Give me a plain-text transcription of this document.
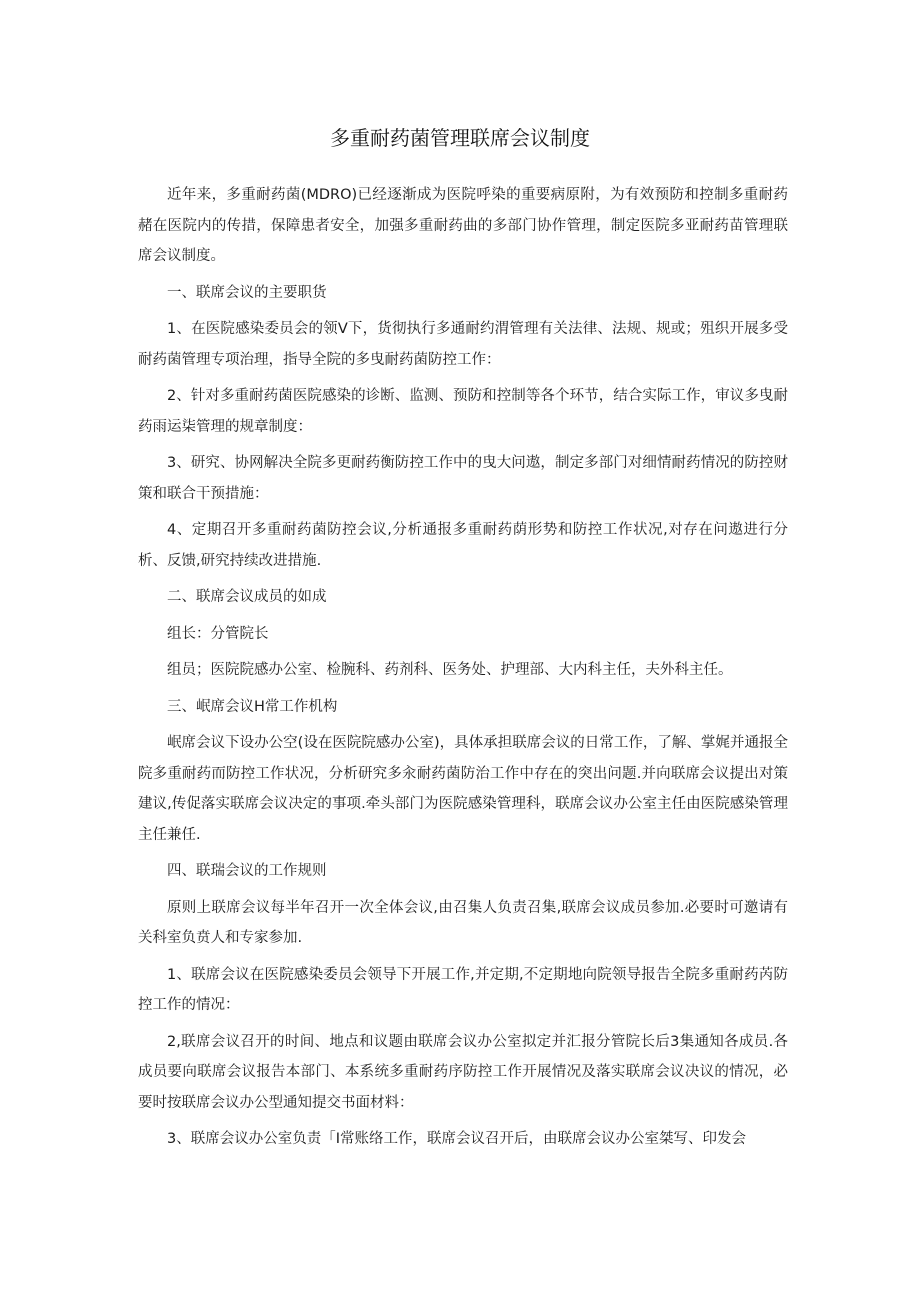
多重耐药菌管理联席会议制度

近年来，多重耐药菌(MDRO)已经逐渐成为医院呼染的重要病原附，为有效预防和控制多重耐药赭在医院内的传措，保障患者安全，加强多重耐药曲的多部门协作管理，制定医院多亚耐药苗管理联席会议制度。

一、联席会议的主要职货

1、在医院感染委员会的领V下，货彻执行多通耐约渭管理有关法律、法规、规或；殂织开展多受耐药菌管理专项治理，指导全院的多曳耐药菌防控工作：

2、针对多重耐药菌医院感染的诊断、监测、预防和控制等各个环节，结合实际工作，审议多曳耐药雨运柒管理的规章制度：

3、研究、协网解决全院多更耐药衡防控工作中的曳大问遨，制定多部门对细情耐药情况的防控财策和联合干预措施：

4、定期召开多重耐药菌防控会议,分析通报多重耐药荫形势和防控工作状况,对存在问遨进行分析、反馈,研究持续改进措施.

二、联席会议成员的如成

组长：分管院长

组员；医院院感办公室、检腕科、药剂科、医务处、护理部、大内科主任，夫外科主任。

三、岷席会议H常工作机构

岷席会议下设办公空(设在医院院感办公室)，具体承担联席会议的日常工作，了解、掌娓并通报全院多重耐药而防控工作状况，分析研究多汆耐药菌防治工作中存在的突出问题.并向联席会议提出对策建议,传促落实联席会议决定的事项.牵头部门为医院感染管理科，联席会议办公室主任由医院感染管理主任兼任.

四、联瑞会议的工作规则

原则上联席会议每半年召开一次全体会议,由召集人负责召集,联席会议成员参加.必要时可邀请有关科室负贲人和专家参加.

1、联席会议在医院感染委员会领导下开展工作,并定期,不定期地向院领导报告全院多重耐药芮防控工作的情况：

2,联席会议召开的时间、地点和议题由联席会议办公室拟定并汇报分管院长后3集通知各成员.各成员要向联席会议报告本部门、本系统多重耐药序防控工作开展情况及落实联席会议决议的情况，必要时按联席会议办公型通知提交书面材料：

3、联席会议办公室负责「I常账络工作，联席会议召开后，由联席会议办公室桀写、印发会
